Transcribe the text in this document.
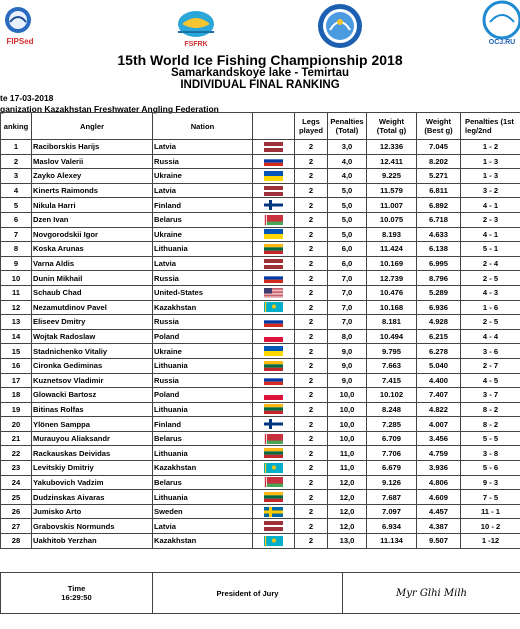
FIPSed	FSFRK	OCJ.RU
15th World Ice Fishing Championship 2018
Samarkandskoye lake - Temirtau
INDIVIDUAL FINAL RANKING
te 17-03-2018
ganization Kazakhstan Freshwater Angling Federation
anking	Angler	Nation		Legs played	Penalties (Total)	Weight (Total g)	Weight (Best g)	Penalties (1st leg/2nd
1	Raciborskis Harijs	Latvia		2	3,0	12.336	7.045	1 - 2
2	Maslov Valerii	Russia		2	4,0	12.411	8.202	1 - 3
3	Zayko Alexey	Ukraine		2	4,0	9.225	5.271	1 - 3
4	Kinerts Raimonds	Latvia		2	5,0	11.579	6.811	3 - 2
5	Nikula Harri	Finland		2	5,0	11.007	6.892	4 - 1
6	Dzen Ivan	Belarus		2	5,0	10.075	6.718	2 - 3
7	Novgorodskii Igor	Ukraine		2	5,0	8.193	4.633	4 - 1
8	Koska Arunas	Lithuania		2	6,0	11.424	6.138	5 - 1
9	Varna Aldis	Latvia		2	6,0	10.169	6.995	2 - 4
10	Dunin Mikhail	Russia		2	7,0	12.739	8.796	2 - 5
11	Schaub Chad	United-States		2	7,0	10.476	5.289	4 - 3
12	Nezamutdinov Pavel	Kazakhstan		2	7,0	10.168	6.936	1 - 6
13	Eliseev Dmitry	Russia		2	7,0	8.181	4.928	2 - 5
14	Wojtak Radoslaw	Poland		2	8,0	10.494	6.215	4 - 4
15	Stadnichenko Vitaliy	Ukraine		2	9,0	9.795	6.278	3 - 6
16	Cironka Gediminas	Lithuania		2	9,0	7.663	5.040	2 - 7
17	Kuznetsov Vladimir	Russia		2	9,0	7.415	4.400	4 - 5
18	Glowacki Bartosz	Poland		2	10,0	10.102	7.407	3 - 7
19	Bitinas Rolfas	Lithuania		2	10,0	8.248	4.822	8 - 2
20	Ylönen Samppa	Finland		2	10,0	7.285	4.007	8 - 2
21	Murauyou Aliaksandr	Belarus		2	10,0	6.709	3.456	5 - 5
22	Rackauskas Deividas	Lithuania		2	11,0	7.706	4.759	3 - 8
23	Levitskiy Dmitriy	Kazakhstan		2	11,0	6.679	3.936	5 - 6
24	Yakubovich Vadzim	Belarus		2	12,0	9.126	4.806	9 - 3
25	Dudzinskas Aivaras	Lithuania		2	12,0	7.687	4.609	7 - 5
26	Jumisko Arto	Sweden		2	12,0	7.097	4.457	11 - 1
27	Grabovskis Normunds	Latvia		2	12,0	6.934	4.387	10 - 2
28	Uakhitob Yerzhan	Kazakhstan		2	13,0	11.134	9.507	1 -12
Time
16:29:50	President of Jury	Myr Glhi Milh
